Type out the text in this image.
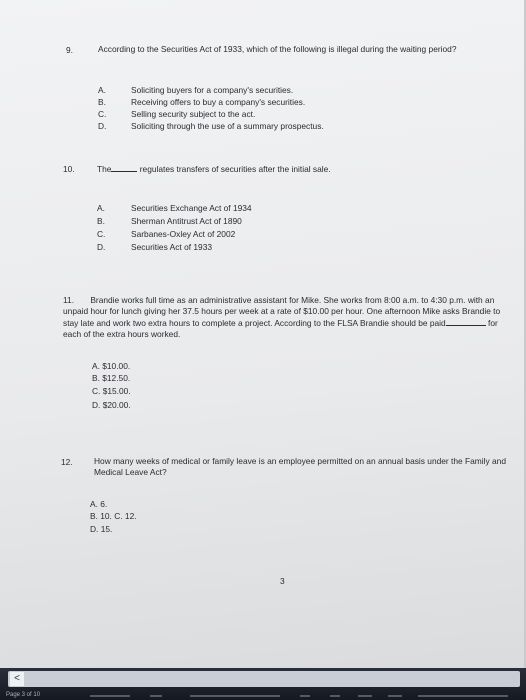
9.	According to the Securities Act of 1933, which of the following is illegal during the waiting period?
A.	Soliciting buyers for a company's securities.
B.	Receiving offers to buy a company's securities.
C.	Selling security subject to the act.
D.	Soliciting through the use of a summary prospectus.
10.	The	regulates transfers of securities after the initial sale.
A.	Securities Exchange Act of 1934
B.	Sherman Antitrust Act of 1890
C.	Sarbanes-Oxley Act of 2002
D.	Securities Act of 1933
11. Brandie works full time as an administrative assistant for Mike. She works from 8:00 a.m. to 4:30 p.m. with an unpaid hour for lunch giving her 37.5 hours per week at a rate of $10.00 per hour. One afternoon Mike asks Brandie to stay late and work two extra hours to complete a project. According to the FLSA Brandie should be paid	for each of the extra hours worked.
A. $10.00.
B. $12.50.
C. $15.00.
D. $20.00.
12.	How many weeks of medical or family leave is an employee permitted on an annual basis under the Family and Medical Leave Act?
A. 6.
B. 10. C. 12.
D. 15.
3
<
Page 3 of 10
